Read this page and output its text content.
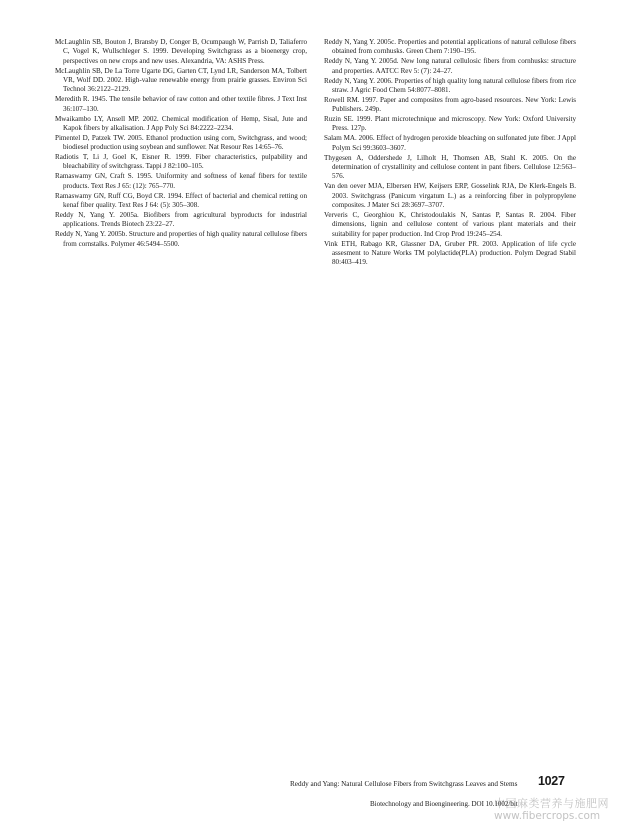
McLaughlin SB, Bouton J, Bransby D, Conger B, Ocumpaugh W, Parrish D, Taliaferro C, Vogel K, Wullschleger S. 1999. Developing Switchgrass as a bioenergy crop, perspectives on new crops and new uses. Alexandria, VA: ASHS Press.

McLaughlin SB, De La Torre Ugarte DG, Garten CT, Lynd LR, Sanderson MA, Tolbert VR, Wolf DD. 2002. High-value renewable energy from prairie grasses. Environ Sci Technol 36:2122–2129.

Meredith R. 1945. The tensile behavior of raw cotton and other textile fibres. J Text Inst 36:107–130.

Mwaikambo LY, Ansell MP. 2002. Chemical modification of Hemp, Sisal, Jute and Kapok fibers by alkalisation. J App Poly Sci 84:2222–2234.

Pimentel D, Patzek TW. 2005. Ethanol production using corn, Switchgrass, and wood; biodiesel production using soybean and sunflower. Nat Resour Res 14:65–76.

Radiotis T, Li J, Goel K, Eisner R. 1999. Fiber characteristics, pulpability and bleachability of switchgrass. Tappi J 82:100–105.

Ramaswamy GN, Craft S. 1995. Uniformity and softness of kenaf fibers for textile products. Text Res J 65: (12): 765–770.

Ramaswamy GN, Ruff CG, Boyd CR. 1994. Effect of bacterial and chemical retting on kenaf fiber quality. Text Res J 64: (5): 305–308.

Reddy N, Yang Y. 2005a. Biofibers from agricultural byproducts for industrial applications. Trends Biotech 23:22–27.

Reddy N, Yang Y. 2005b. Structure and properties of high quality natural cellulose fibers from cornstalks. Polymer 46:5494–5500.

Reddy N, Yang Y. 2005c. Properties and potential applications of natural cellulose fibers obtained from cornhusks. Green Chem 7:190–195.

Reddy N, Yang Y. 2005d. New long natural cellulosic fibers from cornhusks: structure and properties. AATCC Rev 5: (7): 24–27.

Reddy N, Yang Y. 2006. Properties of high quality long natural cellulose fibers from rice straw. J Agric Food Chem 54:8077–8081.

Rowell RM. 1997. Paper and composites from agro-based resources. New York: Lewis Publishers. 249p.

Ruzin SE. 1999. Plant microtechnique and microscopy. New York: Oxford University Press. 127p.

Salam MA. 2006. Effect of hydrogen peroxide bleaching on sulfonated jute fiber. J Appl Polym Sci 99:3603–3607.

Thygesen A, Oddershede J, Lilholt H, Thomsen AB, Stahl K. 2005. On the determination of crystallinity and cellulose content in pant fibers. Cellulose 12:563–576.

Van den oever MJA, Elbersen HW, Keijsers ERP, Gosselink RJA, De Klerk-Engels B. 2003. Switchgrass (Panicum virgatum L.) as a reinforcing fiber in polypropylene composites. J Mater Sci 28:3697–3707.

Ververis C, Georghiou K, Christodoulakis N, Santas P, Santas R. 2004. Fiber dimensions, lignin and cellulose content of various plant materials and their suitability for paper production. Ind Crop Prod 19:245–254.

Vink ETH, Rabago KR, Glassner DA, Gruber PR. 2003. Application of life cycle assesment to Nature Works TM polylactide(PLA) production. Polym Degrad Stabil 80:403–419.

Reddy and Yang: Natural Cellulose Fibers from Switchgrass Leaves and Stems 1027
Biotechnology and Bioengineering. DOI 10.1002/bit
中国麻类营养与施肥网
www.fibercrops.com
